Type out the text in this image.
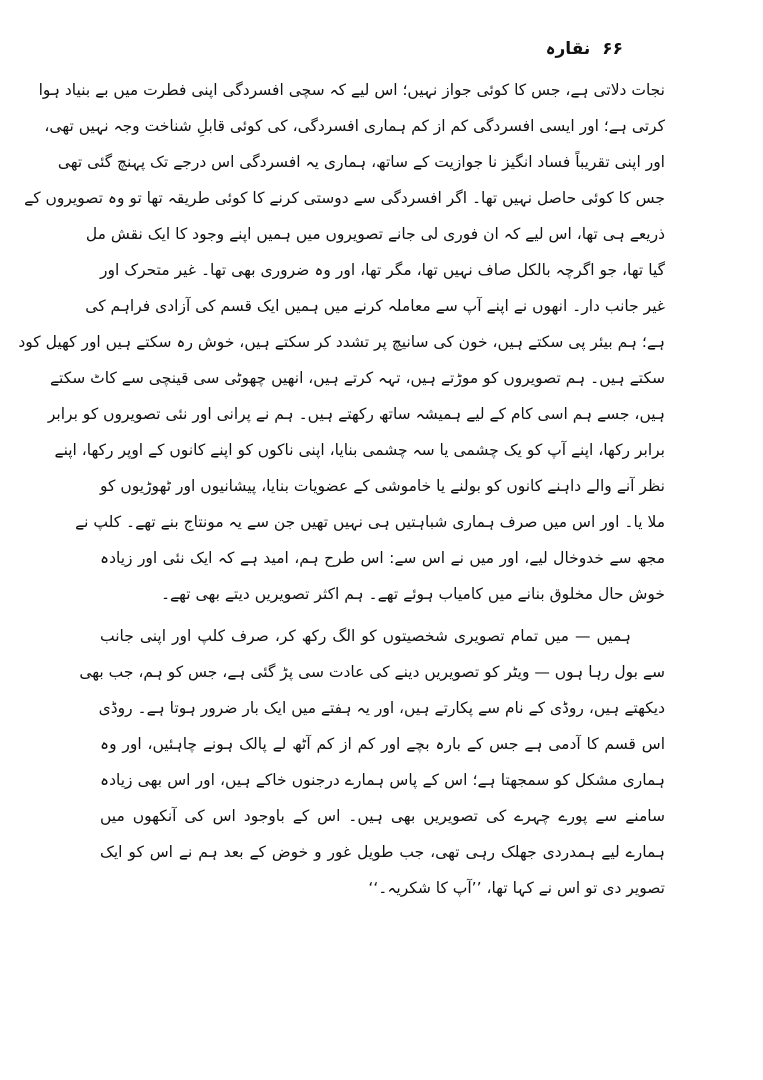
۶۶ نقارہ
نجات دلاتی ہے، جس کا کوئی جواز نہیں؛ اس لیے کہ سچی افسردگی اپنی فطرت میں بے بنیاد ہوا
کرتی ہے؛ اور ایسی افسردگی کم از کم ہماری افسردگی، کی کوئی قابلِ شناخت وجہ نہیں تھی،
اور اپنی تقریباً فساد انگیز نا جوازیت کے ساتھ، ہماری یہ افسردگی اس درجے تک پہنچ گئی تھی
جس کا کوئی حاصل نہیں تھا۔ اگر افسردگی سے دوستی کرنے کا کوئی طریقہ تھا تو وہ تصویروں کے
ذریعے ہی تھا، اس لیے کہ ان فوری لی جانے تصویروں میں ہمیں اپنے وجود کا ایک نقش مل
گیا تھا، جو اگرچہ بالکل صاف نہیں تھا، مگر تھا، اور وہ ضروری بھی تھا۔ غیر متحرک اور
غیر جانب دار۔ انھوں نے اپنے آپ سے معاملہ کرنے میں ہمیں ایک قسم کی آزادی فراہم کی
ہے؛ ہم بیئر پی سکتے ہیں، خون کی سانیچ پر تشدد کر سکتے ہیں، خوش رہ سکتے ہیں اور کھیل کود
سکتے ہیں۔ ہم تصویروں کو موڑتے ہیں، تہہ کرتے ہیں، انھیں چھوٹی سی قینچی سے کاٹ سکتے
ہیں، جسے ہم اسی کام کے لیے ہمیشہ ساتھ رکھتے ہیں۔ ہم نے پرانی اور نئی تصویروں کو برابر
برابر رکھا، اپنے آپ کو یک چشمی یا سہ چشمی بنایا، اپنی ناکوں کو اپنے کانوں کے اوپر رکھا، اپنے
نظر آنے والے داہنے کانوں کو بولنے یا خاموشی کے عضویات بنایا، پیشانیوں اور ٹھوڑیوں کو
ملا یا۔ اور اس میں صرف ہماری شباہتیں ہی نہیں تھیں جن سے یہ مونتاج بنے تھے۔ کلپ نے
مجھ سے خدوخال لیے، اور میں نے اس سے: اس طرح ہم، امید ہے کہ ایک نئی اور زیادہ
خوش حال مخلوق بنانے میں کامیاب ہوئے تھے۔ ہم اکثر تصویریں دیتے بھی تھے۔
ہمیں — میں تمام تصویری شخصیتوں کو الگ رکھ کر، صرف کلپ اور اپنی جانب
سے بول رہا ہوں — ویٹر کو تصویریں دینے کی عادت سی پڑ گئی ہے، جس کو ہم، جب بھی
دیکھتے ہیں، روڈی کے نام سے پکارتے ہیں، اور یہ ہفتے میں ایک بار ضرور ہوتا ہے۔ روڈی
اس قسم کا آدمی ہے جس کے بارہ بچے اور کم از کم آٹھ لے پالک ہونے چاہئیں، اور وہ
ہماری مشکل کو سمجھتا ہے؛ اس کے پاس ہمارے درجنوں خاکے ہیں، اور اس بھی زیادہ
سامنے سے پورے چہرے کی تصویریں بھی ہیں۔ اس کے باوجود اس کی آنکھوں میں
ہمارے لیے ہمدردی جھلک رہی تھی، جب طویل غور و خوض کے بعد ہم نے اس کو ایک
تصویر دی تو اس نے کہا تھا، ’’آپ کا شکریہ۔‘‘
